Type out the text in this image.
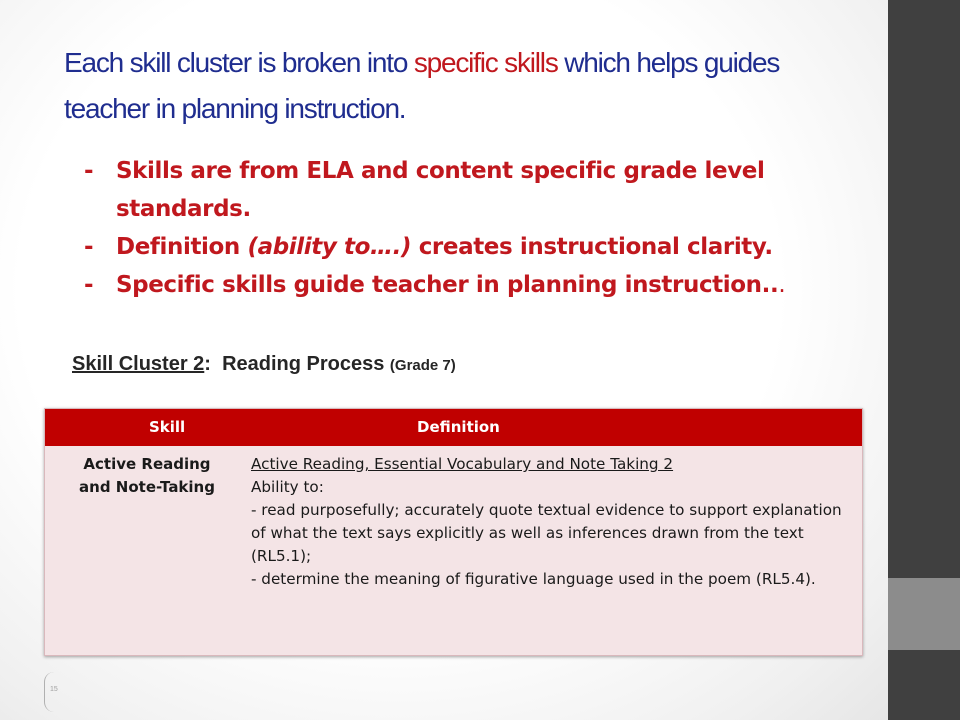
Each skill cluster is broken into specific skills which helps guides teacher in planning instruction.
- Skills are from ELA and content specific grade level standards.
- Definition (ability to….) creates instructional clarity.
- Specific skills guide teacher in planning instruction...
Skill Cluster 2:  Reading Process (Grade 7)
Skill	Definition
Active Reading
and Note-Taking
Active Reading, Essential Vocabulary and Note Taking 2
Ability to:
- read purposefully; accurately quote textual evidence to support explanation of what the text says explicitly as well as inferences drawn from the text (RL5.1);
- determine the meaning of figurative language used in the poem (RL5.4).
15
